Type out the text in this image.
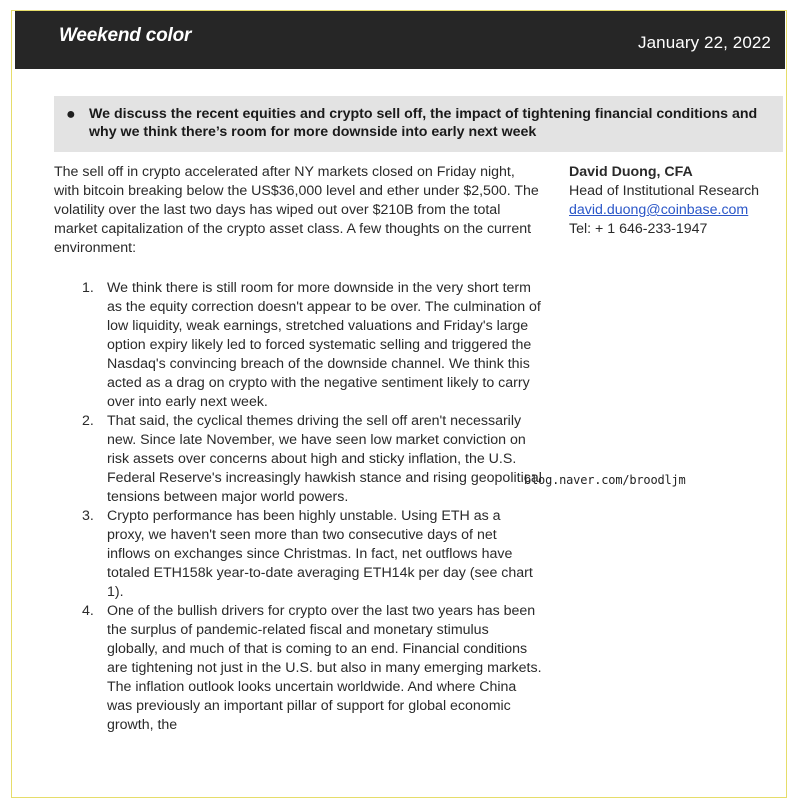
Weekend color	January 22, 2022
● We discuss the recent equities and crypto sell off, the impact of tightening financial conditions and why we think there’s room for more downside into early next week

The sell off in crypto accelerated after NY markets closed on Friday night, with bitcoin breaking below the US$36,000 level and ether under $2,500. The volatility over the last two days has wiped out over $210B from the total market capitalization of the crypto asset class. A few thoughts on the current environment:

1. We think there is still room for more downside in the very short term as the equity correction doesn't appear to be over. The culmination of low liquidity, weak earnings, stretched valuations and Friday's large option expiry likely led to forced systematic selling and triggered the Nasdaq's convincing breach of the downside channel. We think this acted as a drag on crypto with the negative sentiment likely to carry over into early next week.
2. That said, the cyclical themes driving the sell off aren't necessarily new. Since late November, we have seen low market conviction on risk assets over concerns about high and sticky inflation, the U.S. Federal Reserve's increasingly hawkish stance and rising geopolitical tensions between major world powers.
3. Crypto performance has been highly unstable. Using ETH as a proxy, we haven't seen more than two consecutive days of net inflows on exchanges since Christmas. In fact, net outflows have totaled ETH158k year-to-date averaging ETH14k per day (see chart 1).
4. One of the bullish drivers for crypto over the last two years has been the surplus of pandemic-related fiscal and monetary stimulus globally, and much of that is coming to an end. Financial conditions are tightening not just in the U.S. but also in many emerging markets. The inflation outlook looks uncertain worldwide. And where China was previously an important pillar of support for global economic growth, the
David Duong, CFA
Head of Institutional Research
david.duong@coinbase.com
Tel: + 1 646-233-1947
blog.naver.com/broodljm
